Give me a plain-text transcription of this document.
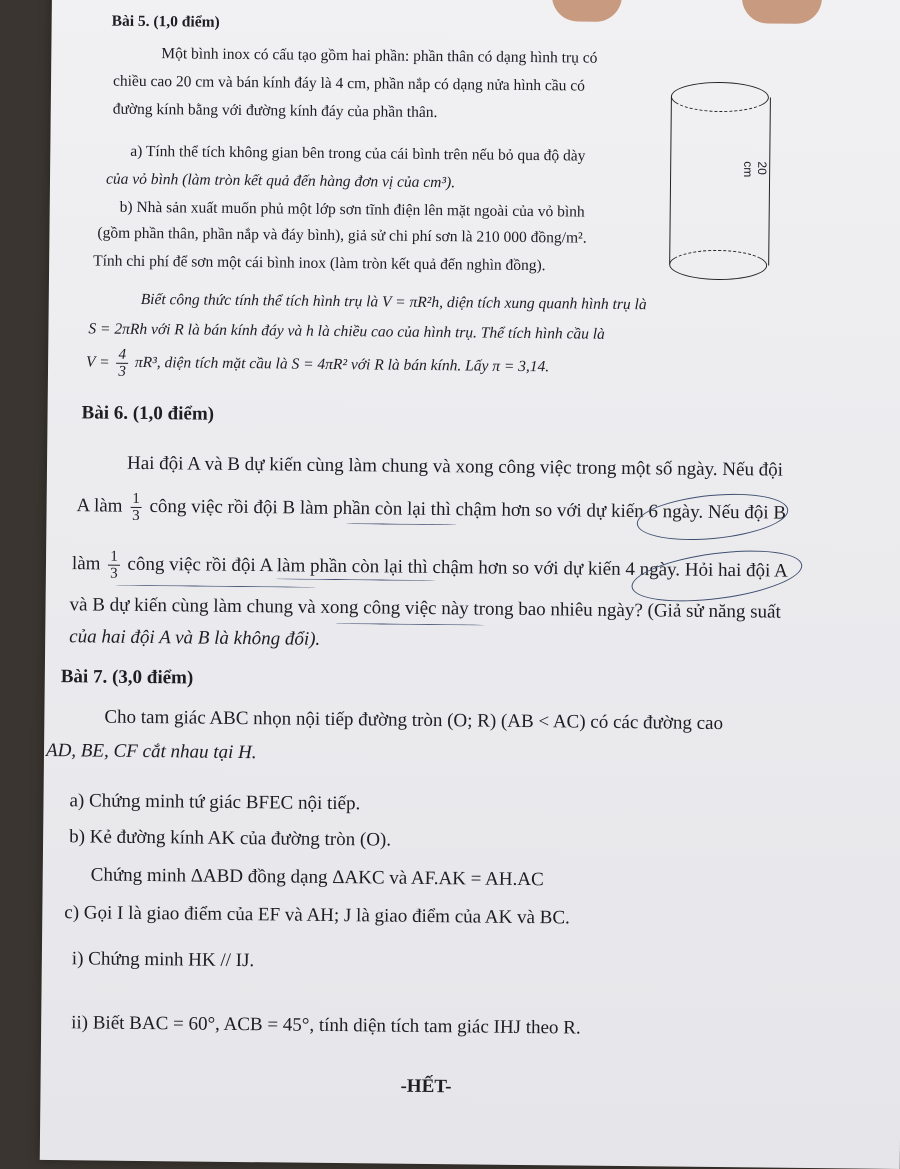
Bài 5. (1,0 điểm)
Một bình inox có cấu tạo gồm hai phần: phần thân có dạng hình trụ có
chiều cao 20 cm và bán kính đáy là 4 cm, phần nắp có dạng nửa hình cầu có
đường kính bằng với đường kính đáy của phần thân.
a) Tính thể tích không gian bên trong của cái bình trên nếu bỏ qua độ dày
của vỏ bình (làm tròn kết quả đến hàng đơn vị của cm³).
b) Nhà sản xuất muốn phủ một lớp sơn tĩnh điện lên mặt ngoài của vỏ bình
(gồm phần thân, phần nắp và đáy bình), giả sử chi phí sơn là 210 000 đồng/m².
Tính chi phí để sơn một cái bình inox (làm tròn kết quả đến nghìn đồng).
20 cm
Biết công thức tính thể tích hình trụ là V = πR²h, diện tích xung quanh hình trụ là
S = 2πRh với R là bán kính đáy và h là chiều cao của hình trụ. Thể tích hình cầu là
$V = \frac{4}{3} \pi R^3$, diện tích mặt cầu là S = 4πR² với R là bán kính. Lấy π = 3,14.
Bài 6. (1,0 điểm)
Hai đội A và B dự kiến cùng làm chung và xong công việc trong một số ngày. Nếu đội
A làm $\frac{1}{3}$ công việc rồi đội B làm phần còn lại thì chậm hơn so với dự kiến 6 ngày. Nếu đội B
làm $\frac{1}{3}$ công việc rồi đội A làm phần còn lại thì chậm hơn so với dự kiến 4 ngày. Hỏi hai đội A
và B dự kiến cùng làm chung và xong công việc này trong bao nhiêu ngày? (Giả sử năng suất
của hai đội A và B là không đổi).
Bài 7. (3,0 điểm)
Cho tam giác ABC nhọn nội tiếp đường tròn (O; R) (AB < AC) có các đường cao
AD, BE, CF cắt nhau tại H.
a) Chứng minh tứ giác BFEC nội tiếp.
b) Kẻ đường kính AK của đường tròn (O).
Chứng minh ΔABD đồng dạng ΔAKC và AF.AK = AH.AC
c) Gọi I là giao điểm của EF và AH; J là giao điểm của AK và BC.
i) Chứng minh HK // IJ.
ii) Biết BAC = 60°, ACB = 45°, tính diện tích tam giác IHJ theo R.
-HẾT-
